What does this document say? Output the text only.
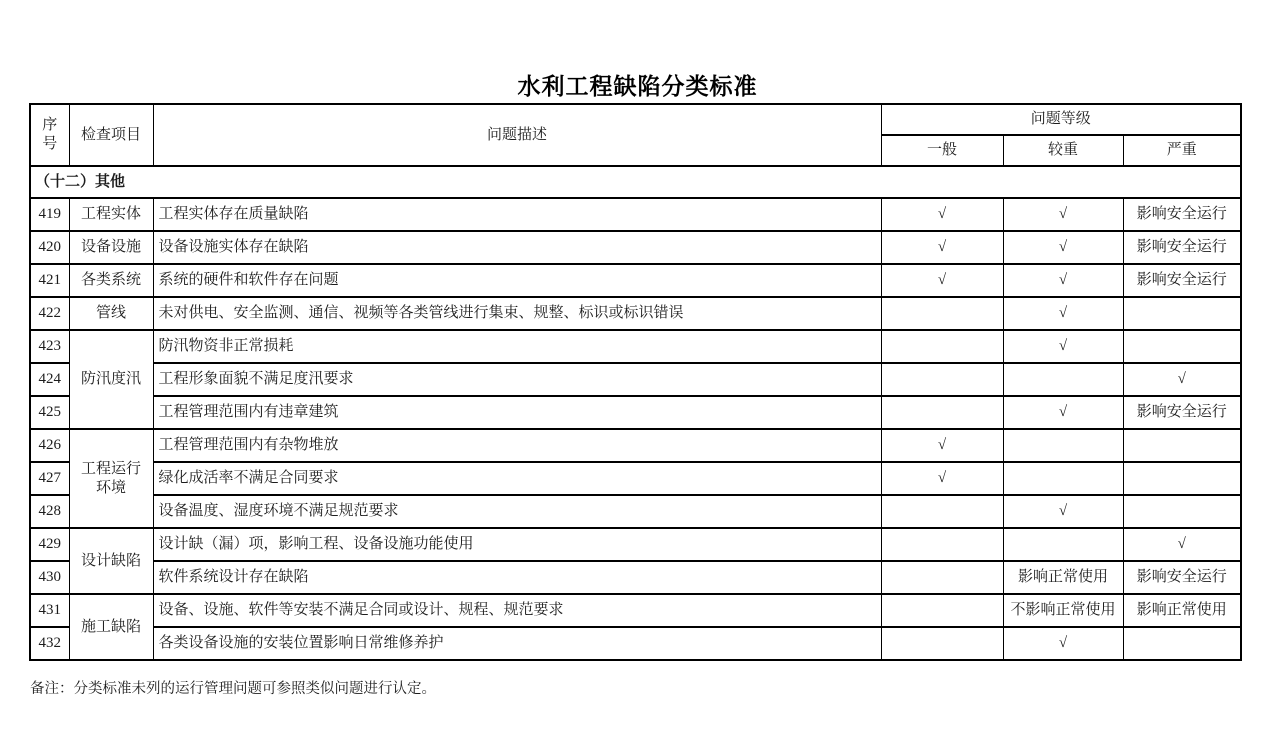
水利工程缺陷分类标准
序号	检查项目	问题描述	问题等级		
			一般	较重	严重
（十二）其他					
419	工程实体	工程实体存在质量缺陷	√	√	影响安全运行
420	设备设施	设备设施实体存在缺陷	√	√	影响安全运行
421	各类系统	系统的硬件和软件存在问题	√	√	影响安全运行
422	管线	未对供电、安全监测、通信、视频等各类管线进行集束、规整、标识或标识错误		√	
423	防汛度汛	防汛物资非正常损耗		√	
424		工程形象面貌不满足度汛要求			√
425		工程管理范围内有违章建筑		√	影响安全运行
426	工程运行环境	工程管理范围内有杂物堆放	√		
427		绿化成活率不满足合同要求	√		
428		设备温度、湿度环境不满足规范要求		√	
429	设计缺陷	设计缺（漏）项，影响工程、设备设施功能使用			√
430		软件系统设计存在缺陷		影响正常使用	影响安全运行
431	施工缺陷	设备、设施、软件等安装不满足合同或设计、规程、规范要求		不影响正常使用	影响正常使用
432		各类设备设施的安装位置影响日常维修养护		√	

备注：分类标准未列的运行管理问题可参照类似问题进行认定。
